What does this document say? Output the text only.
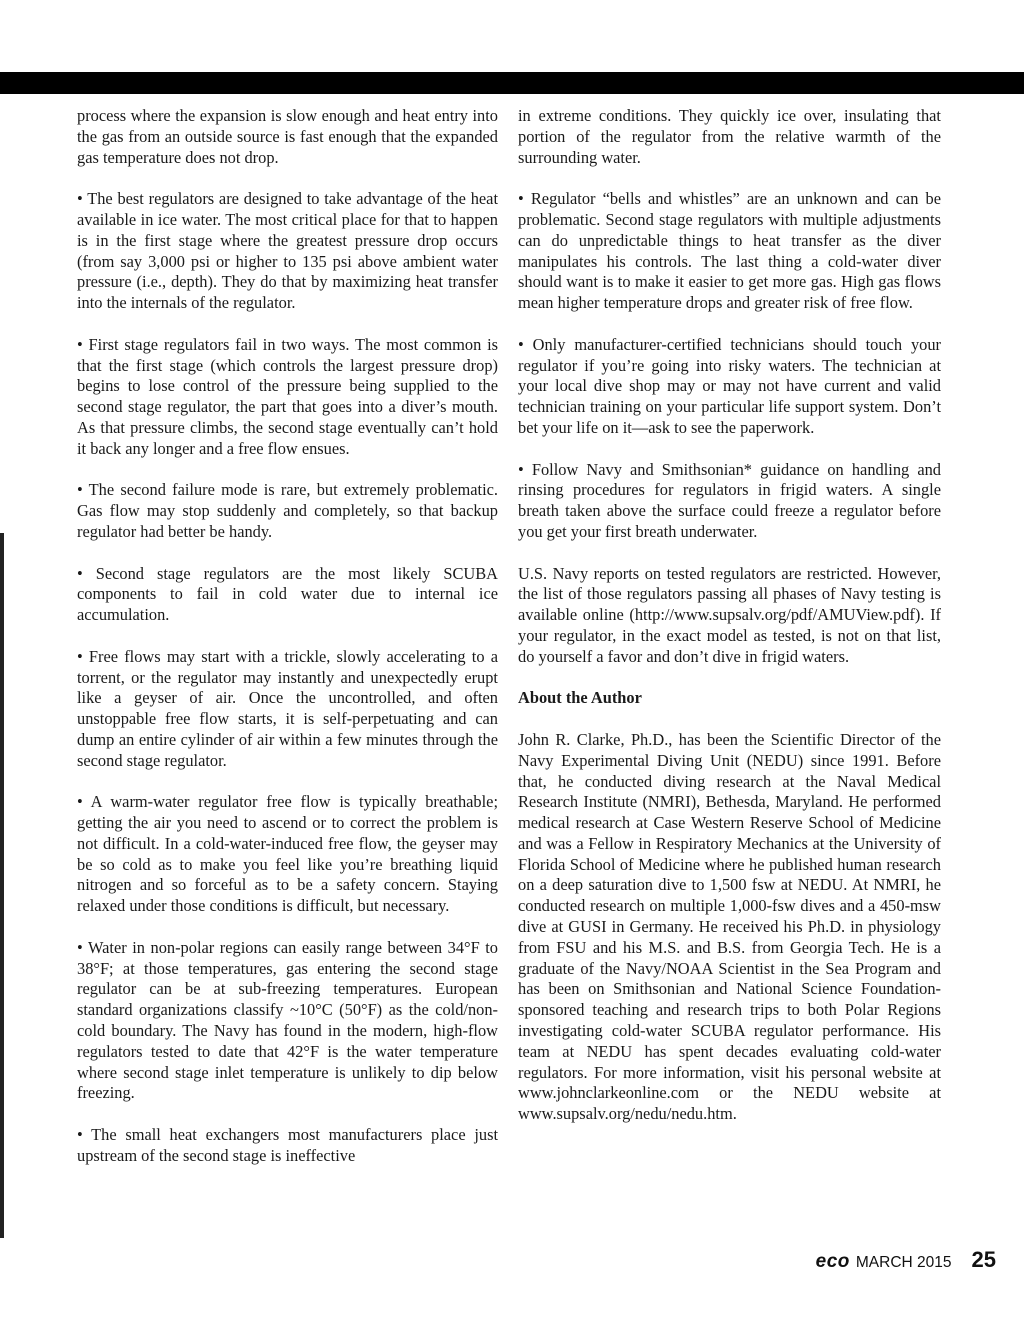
process where the expansion is slow enough and heat entry into the gas from an outside source is fast enough that the expanded gas temperature does not drop.

• The best regulators are designed to take advantage of the heat available in ice water. The most critical place for that to happen is in the first stage where the greatest pressure drop occurs (from say 3,000 psi or higher to 135 psi above ambient water pressure (i.e., depth). They do that by maximizing heat transfer into the internals of the regulator.

• First stage regulators fail in two ways. The most common is that the first stage (which controls the largest pressure drop) begins to lose control of the pressure being supplied to the second stage regulator, the part that goes into a diver’s mouth. As that pressure climbs, the second stage eventually can’t hold it back any longer and a free flow ensues.

• The second failure mode is rare, but extremely problematic. Gas flow may stop suddenly and completely, so that backup regulator had better be handy.

• Second stage regulators are the most likely SCUBA components to fail in cold water due to internal ice accumulation.

• Free flows may start with a trickle, slowly accelerating to a torrent, or the regulator may instantly and unexpectedly erupt like a geyser of air. Once the uncontrolled, and often unstoppable free flow starts, it is self-perpetuating and can dump an entire cylinder of air within a few minutes through the second stage regulator.

• A warm-water regulator free flow is typically breathable; getting the air you need to ascend or to correct the problem is not difficult. In a cold-water-induced free flow, the geyser may be so cold as to make you feel like you’re breathing liquid nitrogen and so forceful as to be a safety concern. Staying relaxed under those conditions is difficult, but necessary.

• Water in non-polar regions can easily range between 34°F to 38°F; at those temperatures, gas entering the second stage regulator can be at sub-freezing temperatures. European standard organizations classify ~10°C (50°F) as the cold/non-cold boundary. The Navy has found in the modern, high-flow regulators tested to date that 42°F is the water temperature where second stage inlet temperature is unlikely to dip below freezing.

• The small heat exchangers most manufacturers place just upstream of the second stage is ineffective

in extreme conditions. They quickly ice over, insulating that portion of the regulator from the relative warmth of the surrounding water.

• Regulator “bells and whistles” are an unknown and can be problematic. Second stage regulators with multiple adjustments can do unpredictable things to heat transfer as the diver manipulates his controls. The last thing a cold-water diver should want is to make it easier to get more gas. High gas flows mean higher temperature drops and greater risk of free flow.

• Only manufacturer-certified technicians should touch your regulator if you’re going into risky waters. The technician at your local dive shop may or may not have current and valid technician training on your particular life support system. Don’t bet your life on it—ask to see the paperwork.

• Follow Navy and Smithsonian* guidance on handling and rinsing procedures for regulators in frigid waters. A single breath taken above the surface could freeze a regulator before you get your first breath underwater.

U.S. Navy reports on tested regulators are restricted. However, the list of those regulators passing all phases of Navy testing is available online (http://www.supsalv.org/pdf/AMUView.pdf). If your regulator, in the exact model as tested, is not on that list, do yourself a favor and don’t dive in frigid waters.

About the Author

John R. Clarke, Ph.D., has been the Scientific Director of the Navy Experimental Diving Unit (NEDU) since 1991. Before that, he conducted diving research at the Naval Medical Research Institute (NMRI), Bethesda, Maryland. He performed medical research at Case Western Reserve School of Medicine and was a Fellow in Respiratory Mechanics at the University of Florida School of Medicine where he published human research on a deep saturation dive to 1,500 fsw at NEDU. At NMRI, he conducted research on multiple 1,000-fsw dives and a 450-msw dive at GUSI in Germany. He received his Ph.D. in physiology from FSU and his M.S. and B.S. from Georgia Tech. He is a graduate of the Navy/NOAA Scientist in the Sea Program and has been on Smithsonian and National Science Foundation-sponsored teaching and research trips to both Polar Regions investigating cold-water SCUBA regulator performance. His team at NEDU has spent decades evaluating cold-water regulators. For more information, visit his personal website at www.johnclarkeonline.com or the NEDU website at www.supsalv.org/nedu/nedu.htm.

eco MARCH 2015 25
